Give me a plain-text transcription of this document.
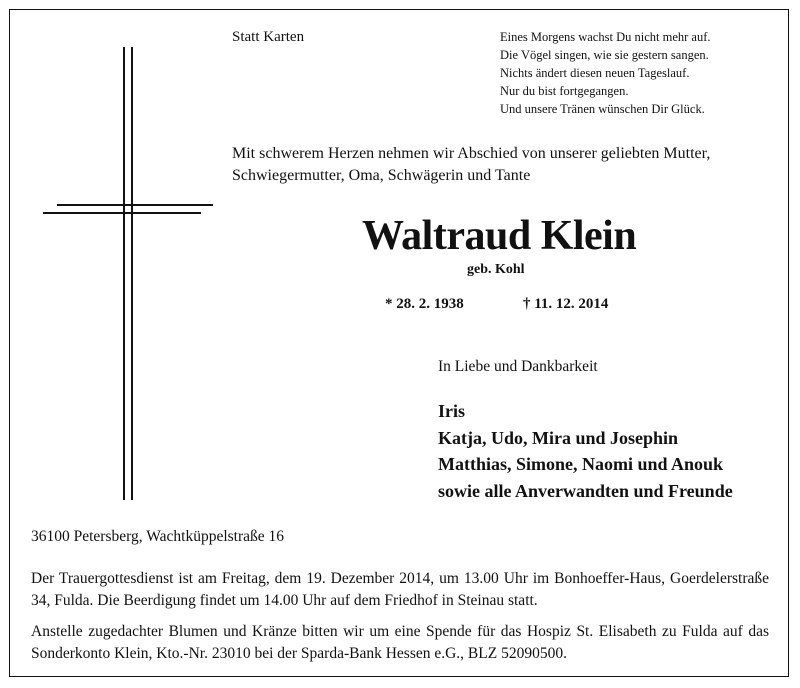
Statt Karten	Eines Morgens wachst Du nicht mehr auf.
Die Vögel singen, wie sie gestern sangen.
Nichts ändert diesen neuen Tageslauf.
Nur du bist fortgegangen.
Und unsere Tränen wünschen Dir Glück.
Mit schwerem Herzen nehmen wir Abschied von unserer geliebten Mutter,
Schwiegermutter, Oma, Schwägerin und Tante
Waltraud Klein
geb. Kohl
* 28. 2. 1938	† 11. 12. 2014
In Liebe und Dankbarkeit
Iris
Katja, Udo, Mira und Josephin
Matthias, Simone, Naomi und Anouk
sowie alle Anverwandten und Freunde
36100 Petersberg, Wachtküppelstraße 16
Der Trauergottesdienst ist am Freitag, dem 19. Dezember 2014, um 13.00 Uhr im Bonhoeffer-Haus, Goerdelerstraße 34, Fulda. Die Beerdigung findet um 14.00 Uhr auf dem Friedhof in Steinau statt.
Anstelle zugedachter Blumen und Kränze bitten wir um eine Spende für das Hospiz St. Elisabeth zu Fulda auf das Sonderkonto Klein, Kto.-Nr. 23010 bei der Sparda-Bank Hessen e.G., BLZ 52090500.
